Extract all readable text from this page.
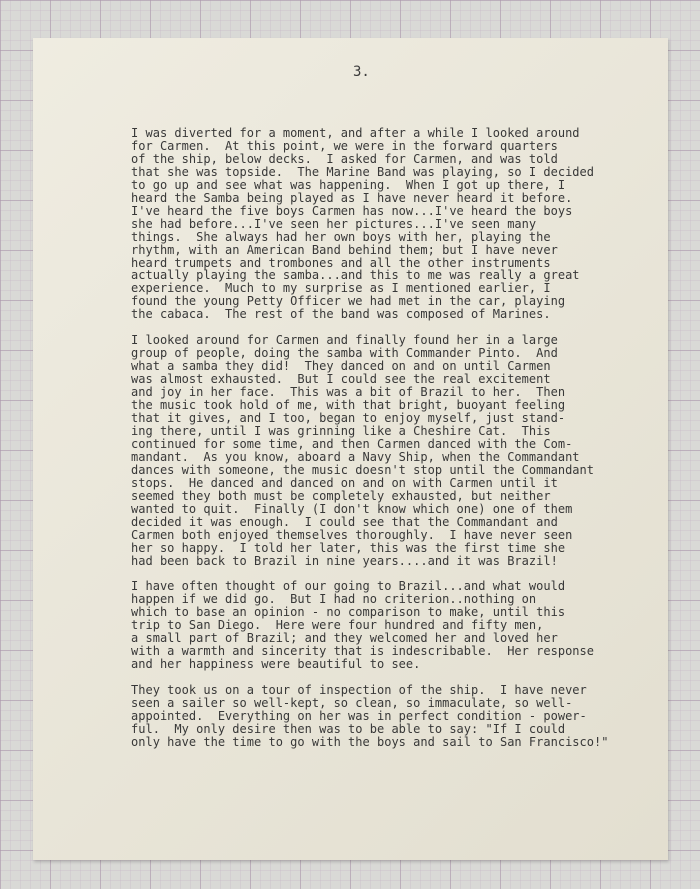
3.
I was diverted for a moment, and after a while I looked around
for Carmen.  At this point, we were in the forward quarters
of the ship, below decks.  I asked for Carmen, and was told
that she was topside.  The Marine Band was playing, so I decided
to go up and see what was happening.  When I got up there, I
heard the Samba being played as I have never heard it before.
I've heard the five boys Carmen has now...I've heard the boys
she had before...I've seen her pictures...I've seen many
things.  She always had her own boys with her, playing the
rhythm, with an American Band behind them; but I have never
heard trumpets and trombones and all the other instruments
actually playing the samba...and this to me was really a great
experience.  Much to my surprise as I mentioned earlier, I
found the young Petty Officer we had met in the car, playing
the cabaca.  The rest of the band was composed of Marines.
I looked around for Carmen and finally found her in a large
group of people, doing the samba with Commander Pinto.  And
what a samba they did!  They danced on and on until Carmen
was almost exhausted.  But I could see the real excitement
and joy in her face.  This was a bit of Brazil to her.  Then
the music took hold of me, with that bright, buoyant feeling
that it gives, and I too, began to enjoy myself, just stand-
ing there, until I was grinning like a Cheshire Cat.  This
continued for some time, and then Carmen danced with the Com-
mandant.  As you know, aboard a Navy Ship, when the Commandant
dances with someone, the music doesn't stop until the Commandant
stops.  He danced and danced on and on with Carmen until it
seemed they both must be completely exhausted, but neither
wanted to quit.  Finally (I don't know which one) one of them
decided it was enough.  I could see that the Commandant and
Carmen both enjoyed themselves thoroughly.  I have never seen
her so happy.  I told her later, this was the first time she
had been back to Brazil in nine years....and it was Brazil!
I have often thought of our going to Brazil...and what would
happen if we did go.  But I had no criterion..nothing on
which to base an opinion - no comparison to make, until this
trip to San Diego.  Here were four hundred and fifty men,
a small part of Brazil; and they welcomed her and loved her
with a warmth and sincerity that is indescribable.  Her response
and her happiness were beautiful to see.
They took us on a tour of inspection of the ship.  I have never
seen a sailer so well-kept, so clean, so immaculate, so well-
appointed.  Everything on her was in perfect condition - power-
ful.  My only desire then was to be able to say: "If I could
only have the time to go with the boys and sail to San Francisco!"
